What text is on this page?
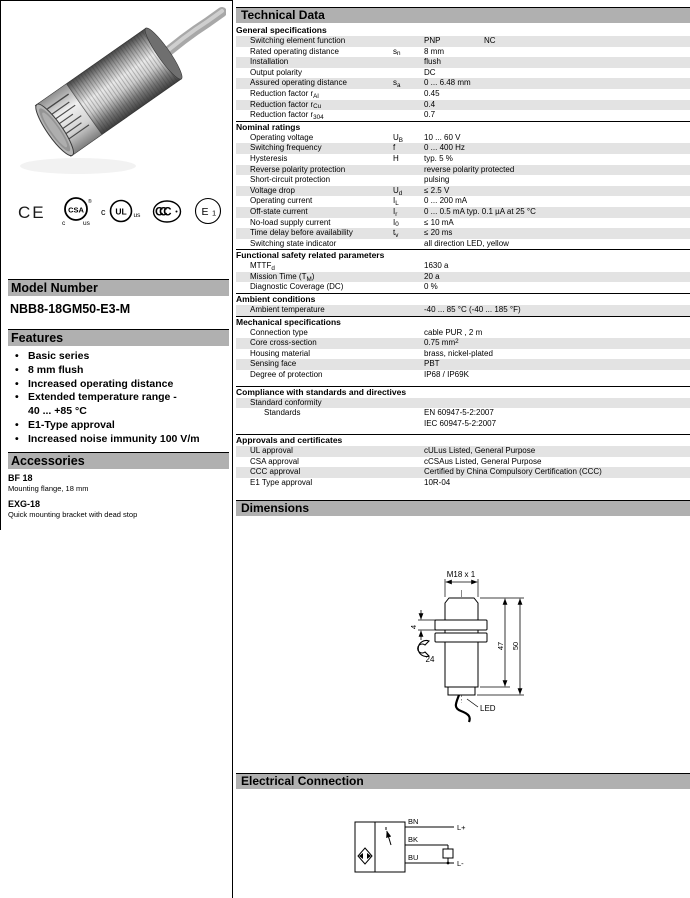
CE	CSA
®
c	us
c UL us CCC	E 1
Model Number
NBB8-18GM50-E3-M
Features
• Basic series
• 8 mm flush
• Increased operating distance
• Extended temperature range -
40 ... +85 °C
• E1-Type approval
• Increased noise immunity 100 V/m
Accessories
BF 18
Mounting flange, 18 mm
EXG-18
Quick mounting bracket with dead stop
Technical Data
General specifications
Switching element function	PNP	NC
Rated operating distance	$s_n$	8 mm
Installation	flush
Output polarity	DC
Assured operating distance	$s_a$	0 ... 6.48 mm
Reduction factor $r_{Al}$	0.45
Reduction factor $r_{Cu}$	0.4
Reduction factor $r_{304}$	0.7
Nominal ratings
Operating voltage	$U_B$	10 ... 60 V
Switching frequency	f	0 ... 400 Hz
Hysteresis	H	typ. 5 %
Reverse polarity protection	reverse polarity protected
Short-circuit protection	pulsing
Voltage drop	$U_d$	≤ 2.5 V
Operating current	$I_L$	0 ... 200 mA
Off-state current	$I_r$	0 ... 0.5 mA typ. 0.1 µA at 25 °C
No-load supply current	$I_0$	≤ 10 mA
Time delay before availability	$t_v$	≤ 20 ms
Switching state indicator	all direction LED, yellow
Functional safety related parameters
$MTTF_d$	1630 a
Mission Time $(T_M)$	20 a
Diagnostic Coverage (DC)	0 %
Ambient conditions
Ambient temperature	-40 ... 85 °C (-40 ... 185 °F)
Mechanical specifications
Connection type	cable PUR , 2 m
Core cross-section	0.75 $mm^2$
Housing material	brass, nickel-plated
Sensing face	PBT
Degree of protection	IP68 / IP69K
Compliance with standards and directives
Standard conformity
Standards	EN 60947-5-2:2007
IEC 60947-5-2:2007
Approvals and certificates
UL approval	cULus Listed, General Purpose
CSA approval	cCSAus Listed, General Purpose
CCC approval	Certified by China Compulsory Certification (CCC)
E1 Type approval	10R-04
Dimensions
M18 x 1
4
24
47 50
LED
Electrical Connection
BN
BK
BU
L+
L-
